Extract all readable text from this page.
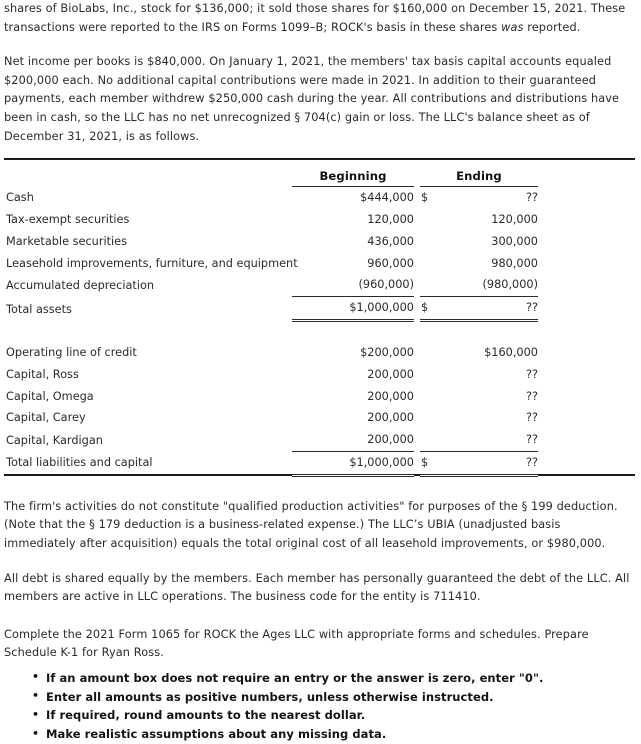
shares of BioLabs, Inc., stock for $136,000; it sold those shares for $160,000 on December 15, 2021. These transactions were reported to the IRS on Forms 1099–B; ROCK's basis in these shares was reported.

Net income per books is $840,000. On January 1, 2021, the members' tax basis capital accounts equaled $200,000 each. No additional capital contributions were made in 2021. In addition to their guaranteed payments, each member withdrew $250,000 cash during the year. All contributions and distributions have been in cash, so the LLC has no net unrecognized § 704(c) gain or loss. The LLC's balance sheet as of December 31, 2021, is as follows.

	Beginning		Ending		

Cash	$444,000		$	??	
Tax-exempt securities	120,000			120,000	
Marketable securities	436,000			300,000	
Leasehold improvements, furniture, and equipment	960,000			980,000	
Accumulated depreciation	(960,000)			(980,000)	
Total assets	$1,000,000		$	??	

Operating line of credit	$200,000			$160,000	
Capital, Ross	200,000			??	
Capital, Omega	200,000			??	
Capital, Carey	200,000			??	
Capital, Kardigan	200,000			??	
Total liabilities and capital	$1,000,000		$	??	

The firm's activities do not constitute "qualified production activities" for purposes of the § 199 deduction. (Note that the § 179 deduction is a business-related expense.) The LLC’s UBIA (unadjusted basis immediately after acquisition) equals the total original cost of all leasehold improvements, or $980,000.

All debt is shared equally by the members. Each member has personally guaranteed the debt of the LLC. All members are active in LLC operations. The business code for the entity is 711410.

Complete the 2021 Form 1065 for ROCK the Ages LLC with appropriate forms and schedules. Prepare Schedule K-1 for Ryan Ross.

• If an amount box does not require an entry or the answer is zero, enter "0".
• Enter all amounts as positive numbers, unless otherwise instructed.
• If required, round amounts to the nearest dollar.
• Make realistic assumptions about any missing data.
